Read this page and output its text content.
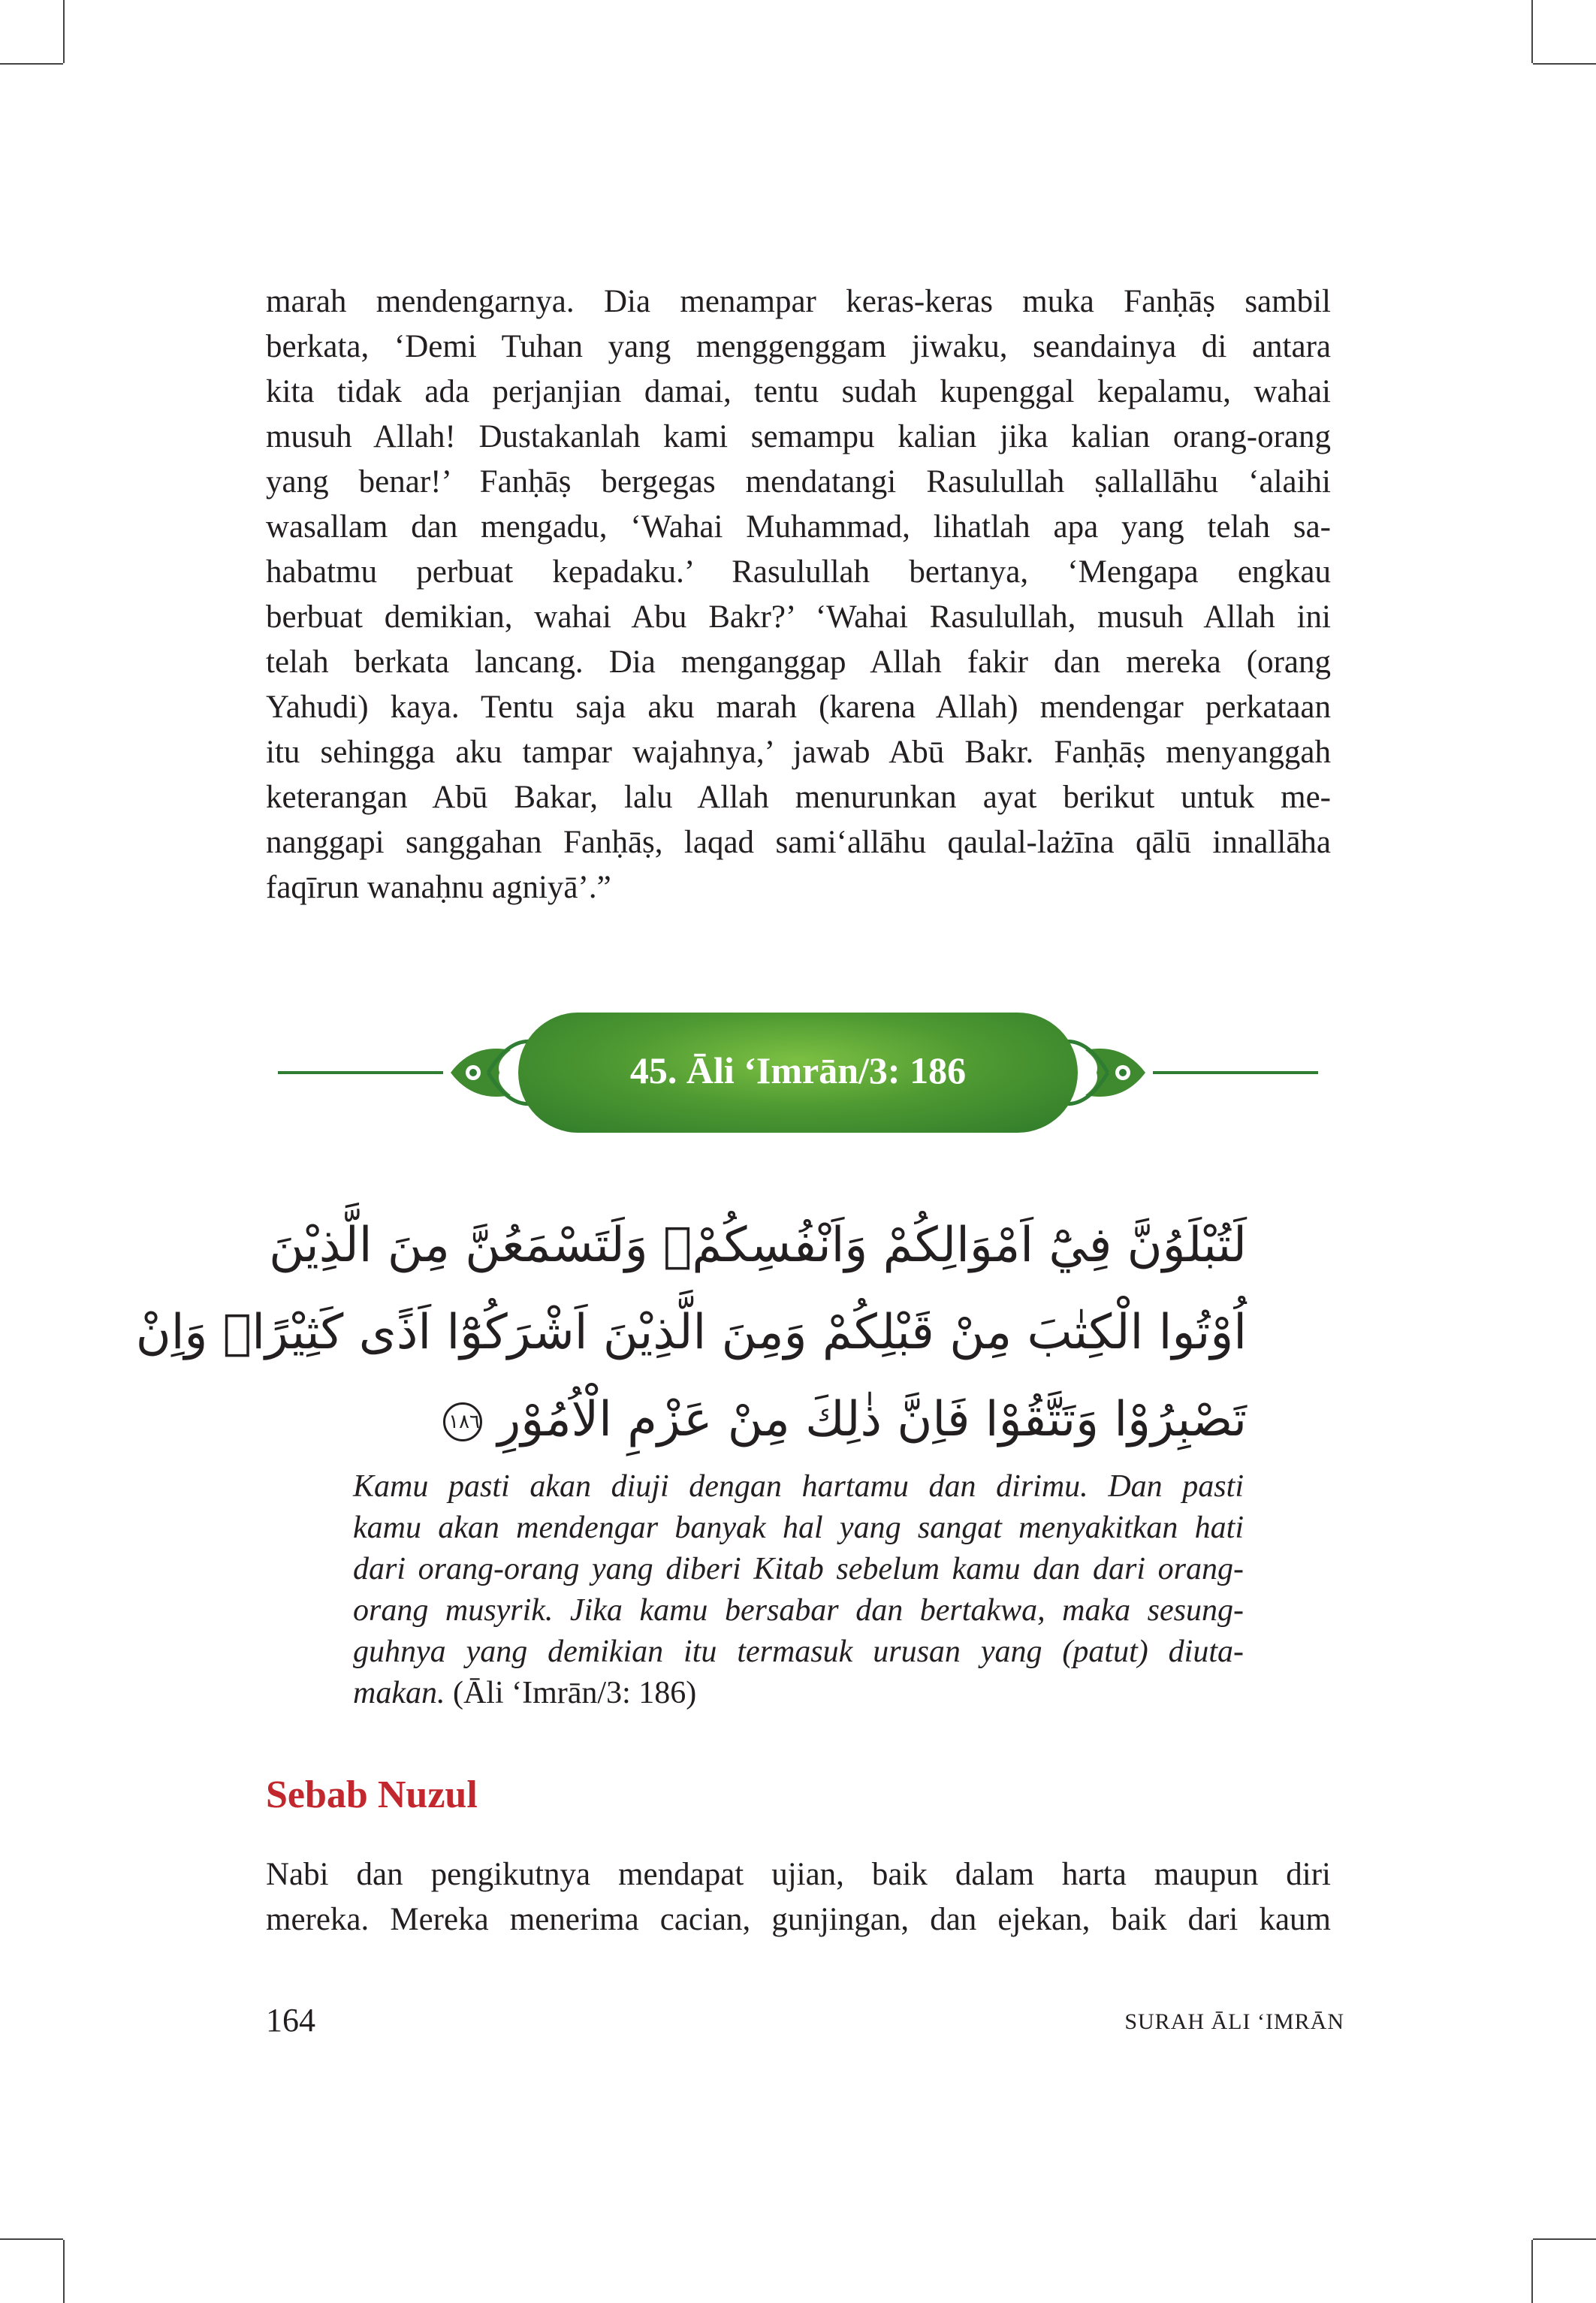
marah mendengarnya. Dia menampar keras-keras muka Fanḥāṣ sambil
berkata, ‘Demi Tuhan yang menggenggam jiwaku, seandainya di antara
kita tidak ada perjanjian damai, tentu sudah kupenggal kepalamu, wahai
musuh Allah! Dustakanlah kami semampu kalian jika kalian orang-orang
yang benar!’ Fanḥāṣ bergegas mendatangi Rasulullah ṣallallāhu ‘alaihi
wasallam dan mengadu, ‘Wahai Muhammad, lihatlah apa yang telah sa-
habatmu perbuat kepadaku.’ Rasulullah bertanya, ‘Mengapa engkau
berbuat demikian, wahai Abu Bakr?’ ‘Wahai Rasulullah, musuh Allah ini
telah berkata lancang. Dia menganggap Allah fakir dan mereka (orang
Yahudi) kaya. Tentu saja aku marah (karena Allah) mendengar perkataan
itu sehingga aku tampar wajahnya,’ jawab Abū Bakr. Fanḥāṣ menyanggah
keterangan Abū Bakar, lalu Allah menurunkan ayat berikut untuk me-
nanggapi sanggahan Fanḥāṣ, laqad sami‘allāhu qaulal-lażīna qālū innallāha
faqīrun wanaḥnu agniyā’.”
45. Āli ‘Imrān/3: 186
لَتُبْلَوُنَّ فِيْٓ اَمْوَالِكُمْ وَاَنْفُسِكُمْۗ وَلَتَسْمَعُنَّ مِنَ الَّذِيْنَ
اُوْتُوا الْكِتٰبَ مِنْ قَبْلِكُمْ وَمِنَ الَّذِيْنَ اَشْرَكُوْٓا اَذًى كَثِيْرًاۗ وَاِنْ
تَصْبِرُوْا وَتَتَّقُوْا فَاِنَّ ذٰلِكَ مِنْ عَزْمِ الْاُمُوْرِ ١٨٦
Kamu pasti akan diuji dengan hartamu dan dirimu. Dan pasti
kamu akan mendengar banyak hal yang sangat menyakitkan hati
dari orang-orang yang diberi Kitab sebelum kamu dan dari orang-
orang musyrik. Jika kamu bersabar dan bertakwa, maka sesung-
guhnya yang demikian itu termasuk urusan yang (patut) diuta-
makan. (Āli ‘Imrān/3: 186)
Sebab Nuzul
Nabi dan pengikutnya mendapat ujian, baik dalam harta maupun diri
mereka. Mereka menerima cacian, gunjingan, dan ejekan, baik dari kaum
164	SURAH ĀLI ‘IMRĀN
